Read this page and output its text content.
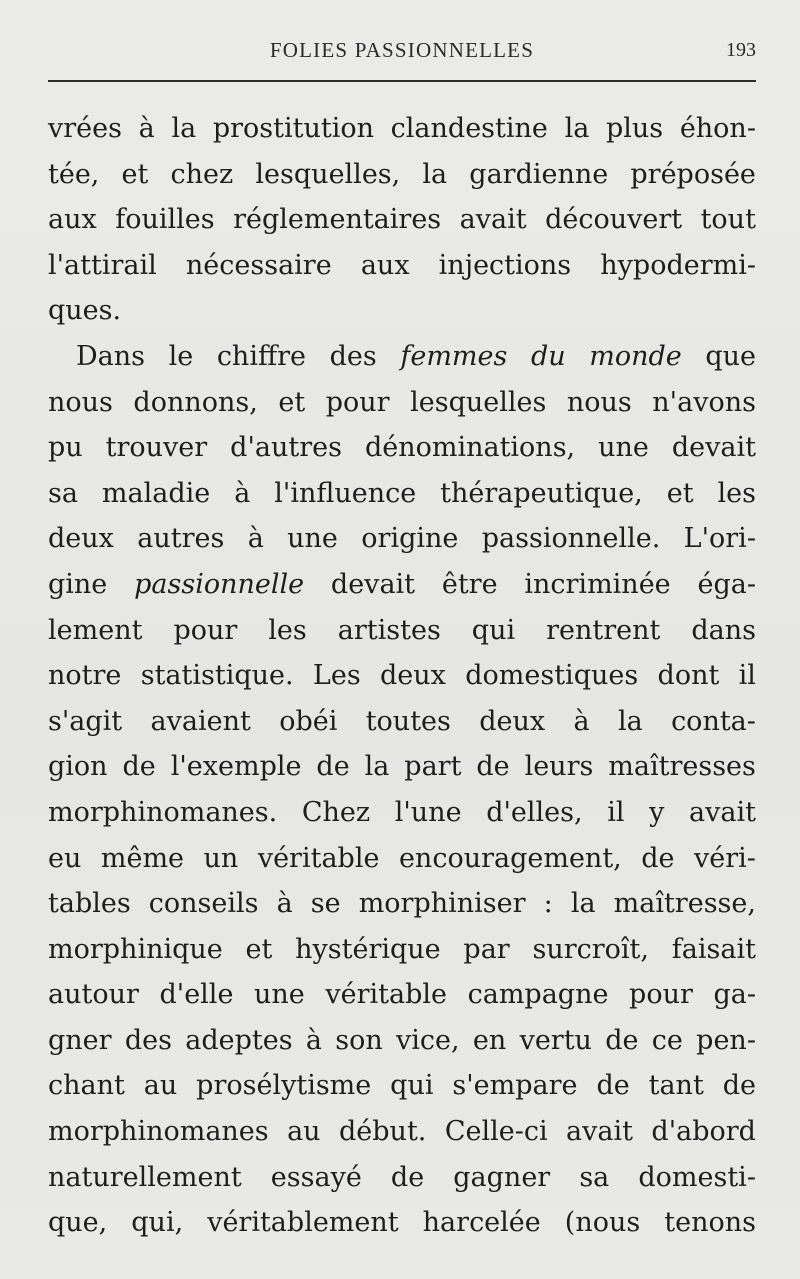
FOLIES PASSIONNELLES	193
vrées à la prostitution clandestine la plus éhon-
tée, et chez lesquelles, la gardienne préposée
aux fouilles réglementaires avait découvert tout
l'attirail nécessaire aux injections hypodermi-
ques.
Dans le chiffre des femmes du monde que
nous donnons, et pour lesquelles nous n'avons
pu trouver d'autres dénominations, une devait
sa maladie à l'influence thérapeutique, et les
deux autres à une origine passionnelle. L'ori-
gine passionnelle devait être incriminée éga-
lement pour les artistes qui rentrent dans
notre statistique. Les deux domestiques dont il
s'agit avaient obéi toutes deux à la conta-
gion de l'exemple de la part de leurs maîtresses
morphinomanes. Chez l'une d'elles, il y avait
eu même un véritable encouragement, de véri-
tables conseils à se morphiniser : la maîtresse,
morphinique et hystérique par surcroît, faisait
autour d'elle une véritable campagne pour ga-
gner des adeptes à son vice, en vertu de ce pen-
chant au prosélytisme qui s'empare de tant de
morphinomanes au début. Celle-ci avait d'abord
naturellement essayé de gagner sa domesti-
que, qui, véritablement harcelée (nous tenons
